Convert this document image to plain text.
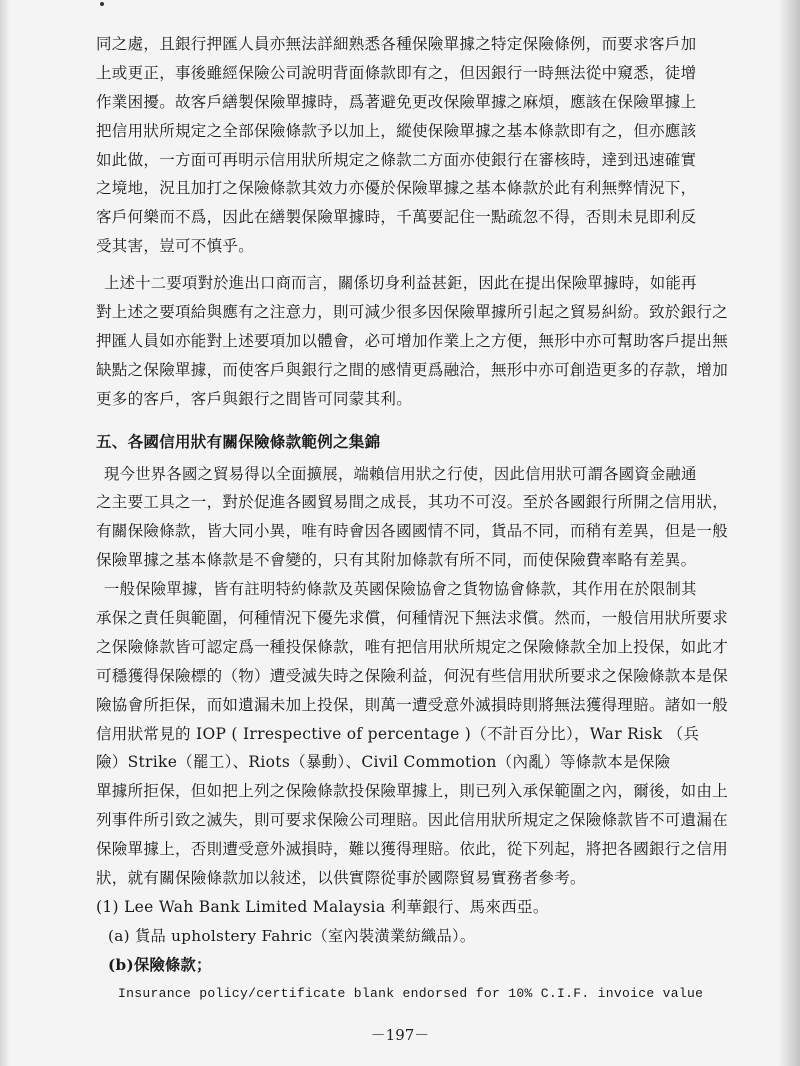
同之處，且銀行押匯人員亦無法詳細熟悉各種保險單據之特定保險條例，而要求客戶加
上或更正，事後雖經保險公司說明背面條款即有之，但因銀行一時無法從中窺悉，徒增
作業困擾。故客戶繕製保險單據時，爲著避免更改保險單據之麻煩，應該在保險單據上
把信用狀所規定之全部保險條款予以加上，縱使保險單據之基本條款即有之，但亦應該
如此做，一方面可再明示信用狀所規定之條款二方面亦使銀行在審核時，達到迅速確實
之境地，況且加打之保險條款其效力亦優於保險單據之基本條款於此有利無弊情況下，
客戶何樂而不爲，因此在繕製保險單據時，千萬要記住一點疏忽不得，否則未見即利反
受其害，豈可不慎乎。
上述十二要項對於進出口商而言，關係切身利益甚鉅，因此在提出保險單據時，如能再
對上述之要項給與應有之注意力，則可減少很多因保險單據所引起之貿易糾紛。致於銀行之
押匯人員如亦能對上述要項加以體會，必可增加作業上之方便，無形中亦可幫助客戶提出無
缺點之保險單據，而使客戶與銀行之間的感情更爲融洽，無形中亦可創造更多的存款，增加
更多的客戶，客戶與銀行之間皆可同蒙其利。
五、各國信用狀有關保險條款範例之集錦
現今世界各國之貿易得以全面擴展，端賴信用狀之行使，因此信用狀可謂各國資金融通
之主要工具之一，對於促進各國貿易間之成長，其功不可沒。至於各國銀行所開之信用狀，
有關保險條款，皆大同小異，唯有時會因各國國情不同，貨品不同，而稍有差異，但是一般
保險單據之基本條款是不會變的，只有其附加條款有所不同，而使保險費率略有差異。
一般保險單據，皆有註明特約條款及英國保險協會之貨物協會條款，其作用在於限制其
承保之責任與範圍，何種情況下優先求償，何種情況下無法求償。然而，一般信用狀所要求
之保險條款皆可認定爲一種投保條款，唯有把信用狀所規定之保險條款全加上投保，如此才
可穩獲得保險標的（物）遭受滅失時之保險利益，何況有些信用狀所要求之保險條款本是保
險協會所拒保，而如遺漏未加上投保，則萬一遭受意外滅損時則將無法獲得理賠。諸如一般
信用狀常見的 IOP ( Irrespective of percentage )（不計百分比），War Risk （兵
險）Strike（罷工）、Riots（暴動）、Civil Commotion（內亂）等條款本是保險
單據所拒保，但如把上列之保險條款投保險單據上，則已列入承保範圍之內，爾後，如由上
列事件所引致之滅失，則可要求保險公司理賠。因此信用狀所規定之保險條款皆不可遺漏在
保險單據上，否則遭受意外滅損時，難以獲得理賠。依此，從下列起，將把各國銀行之信用
狀，就有關保險條款加以敍述，以供實際從事於國際貿易實務者參考。
(1) Lee Wah Bank Limited Malaysia 利華銀行、馬來西亞。
(a) 貨品 upholstery Fahric（室內裝潢業紡織品）。
(b)保險條款；
Insurance policy/certificate blank endorsed for 10% C.I.F. invoice value
－197－
